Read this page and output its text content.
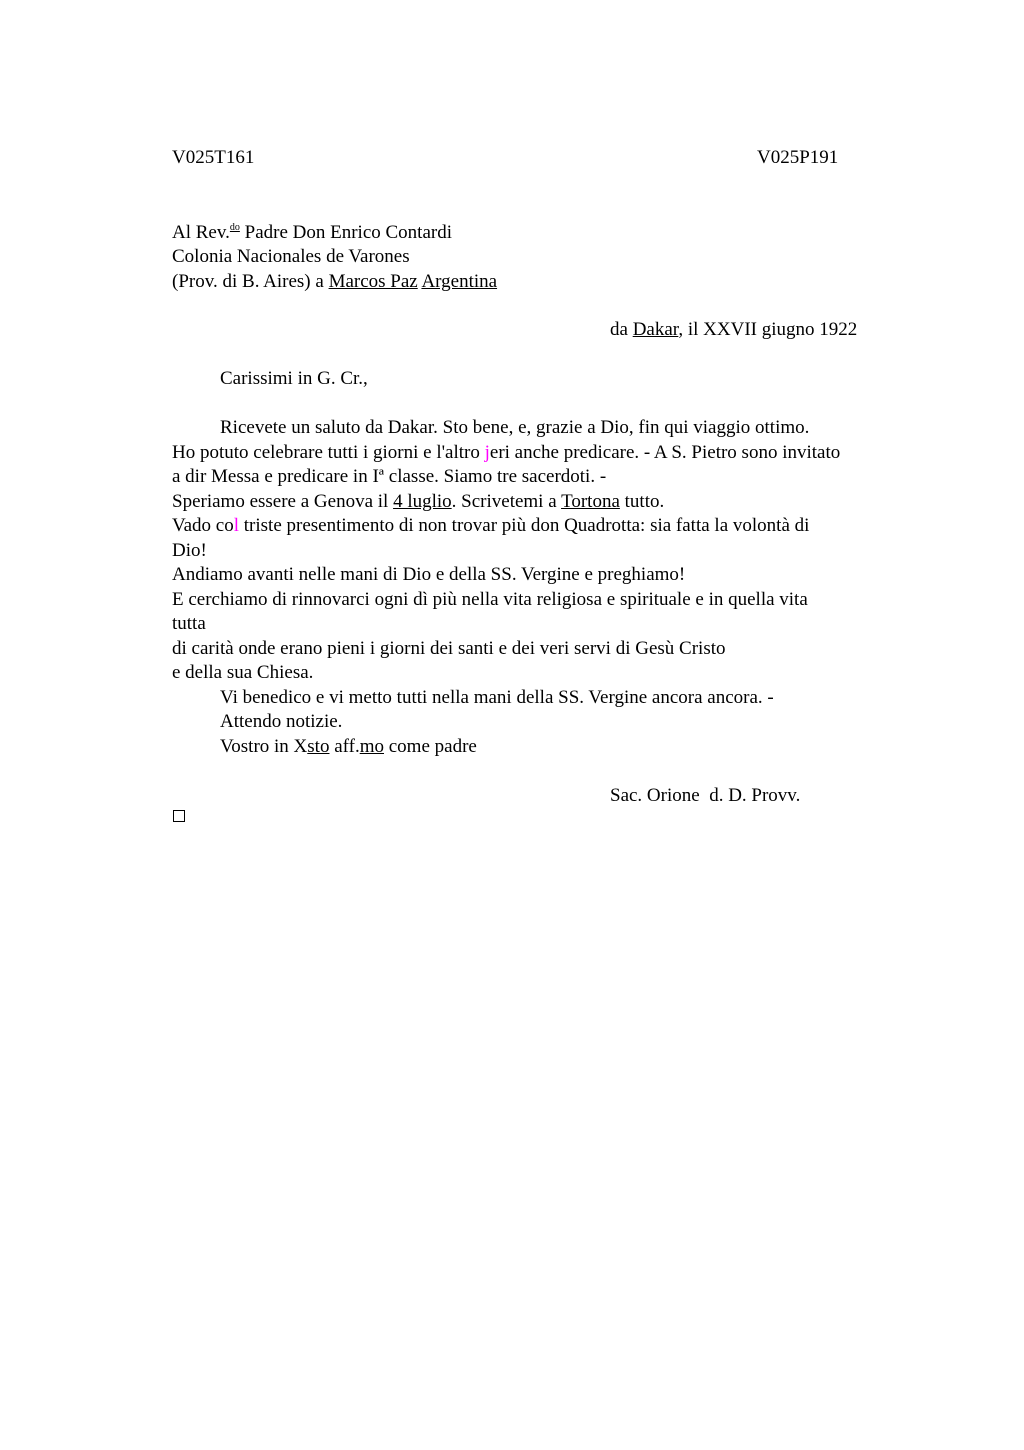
V025T161	V025P191
Al Rev.$^{do}$ Padre Don Enrico Contardi
Colonia Nacionales de Varones
(Prov. di B. Aires) a Marcos Paz Argentina
da Dakar, il XXVII giugno 1922
Carissimi in G. Cr.,
Ricevete un saluto da Dakar. Sto bene, e, grazie a Dio, fin qui viaggio ottimo.
Ho potuto celebrare tutti i giorni e l'altro jeri anche predicare. - A S. Pietro sono invitato
a dir Messa e predicare in Iª classe. Siamo tre sacerdoti. -
Speriamo essere a Genova il 4 luglio. Scrivetemi a Tortona tutto.
Vado col triste presentimento di non trovar più don Quadrotta: sia fatta la volontà di
Dio!
Andiamo avanti nelle mani di Dio e della SS. Vergine e preghiamo!
E cerchiamo di rinnovarci ogni dì più nella vita religiosa e spirituale e in quella vita
tutta
di carità onde erano pieni i giorni dei santi e dei veri servi di Gesù Cristo
e della sua Chiesa.
Vi benedico e vi metto tutti nella mani della SS. Vergine ancora ancora. -
Attendo notizie.
Vostro in Xsto aff.mo come padre
Sac. Orione  d. D. Provv.
